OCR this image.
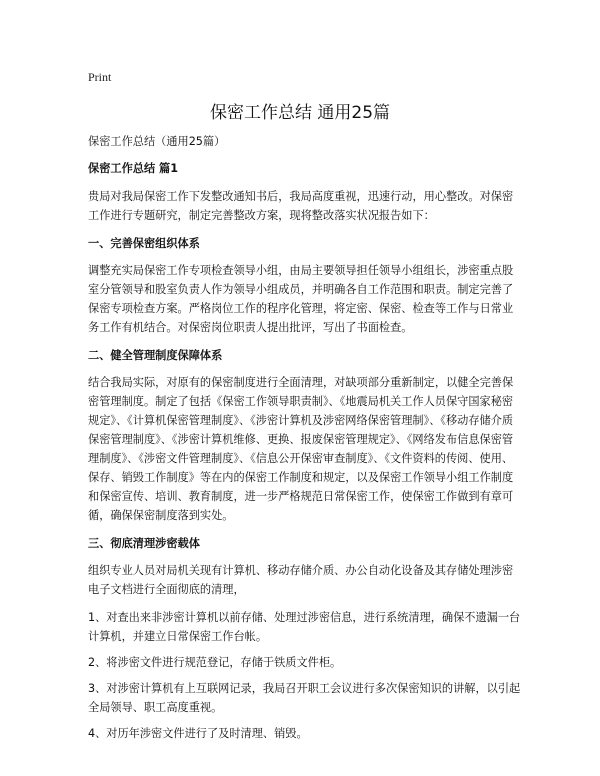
Print
保密工作总结 通用25篇

保密工作总结（通用25篇）

保密工作总结 篇1

贵局对我局保密工作下发整改通知书后，我局高度重视，迅速行动，用心整改。对保密工作进行专题研究，制定完善整改方案，现将整改落实状况报告如下：

一、完善保密组织体系

调整充实局保密工作专项检查领导小组，由局主要领导担任领导小组组长，涉密重点股室分管领导和股室负责人作为领导小组成员，并明确各自工作范围和职责。制定完善了保密专项检查方案。严格岗位工作的程序化管理，将定密、保密、检查等工作与日常业务工作有机结合。对保密岗位职责人提出批评，写出了书面检查。

二、健全管理制度保障体系

结合我局实际，对原有的保密制度进行全面清理，对缺项部分重新制定，以健全完善保密管理制度。制定了包括《保密工作领导职责制》、《地震局机关工作人员保守国家秘密规定》、《计算机保密管理制度》、《涉密计算机及涉密网络保密管理制》、《移动存储介质保密管理制度》、《涉密计算机维修、更换、报废保密管理规定》、《网络发布信息保密管理制度》、《涉密文件管理制度》、《信息公开保密审查制度》、《文件资料的传阅、使用、保存、销毁工作制度》等在内的保密工作制度和规定，以及保密工作领导小组工作制度和保密宣传、培训、教育制度，进一步严格规范日常保密工作，使保密工作做到有章可循，确保保密制度落到实处。

三、彻底清理涉密载体

组织专业人员对局机关现有计算机、移动存储介质、办公自动化设备及其存储处理涉密电子文档进行全面彻底的清理，

1、对查出来非涉密计算机以前存储、处理过涉密信息，进行系统清理，确保不遗漏一台计算机，并建立日常保密工作台帐。

2、将涉密文件进行规范登记，存储于铁质文件柜。

3、对涉密计算机有上互联网记录，我局召开职工会议进行多次保密知识的讲解，以引起全局领导、职工高度重视。

4、对历年涉密文件进行了及时清理、销毁。
